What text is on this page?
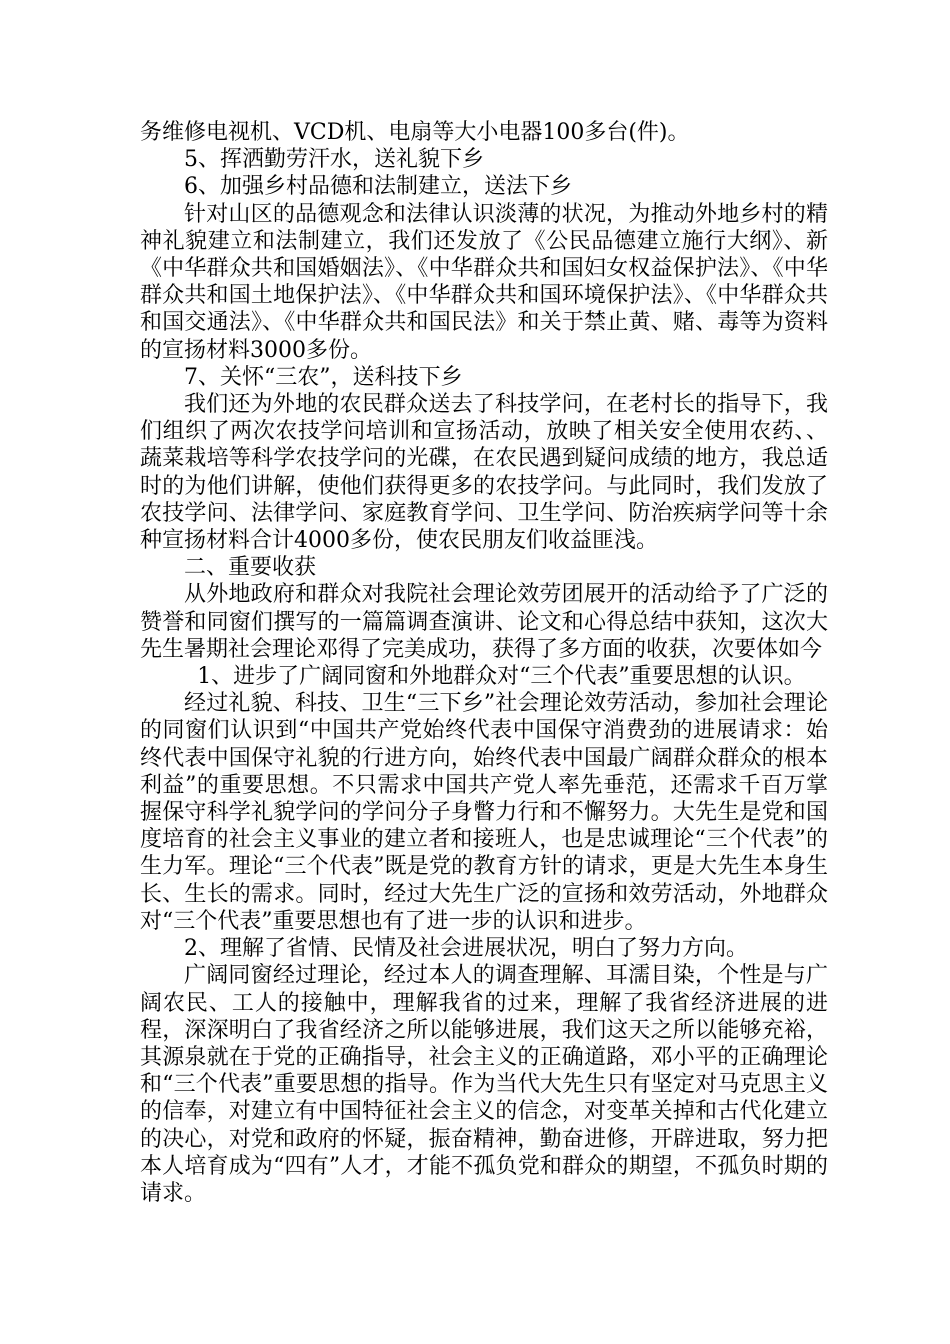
务维修电视机、VCD机、电扇等大小电器100多台(件)。

5、挥洒勤劳汗水，送礼貌下乡

6、加强乡村品德和法制建立，送法下乡

针对山区的品德观念和法律认识淡薄的状况，为推动外地乡村的精神礼貌建立和法制建立，我们还发放了《公民品德建立施行大纲》、新《中华群众共和国婚姻法》、《中华群众共和国妇女权益保护法》、《中华群众共和国土地保护法》、《中华群众共和国环境保护法》、《中华群众共和国交通法》、《中华群众共和国民法》和关于禁止黄、赌、毒等为资料的宣扬材料3000多份。

7、关怀“三农”，送科技下乡

我们还为外地的农民群众送去了科技学问，在老村长的指导下，我们组织了两次农技学问培训和宣扬活动，放映了相关安全使用农药、、蔬菜栽培等科学农技学问的光碟，在农民遇到疑问成绩的地方，我总适时的为他们讲解，使他们获得更多的农技学问。与此同时，我们发放了农技学问、法律学问、家庭教育学问、卫生学问、防治疾病学问等十余种宣扬材料合计4000多份，使农民朋友们收益匪浅。

二、重要收获

从外地政府和群众对我院社会理论效劳团展开的活动给予了广泛的赞誉和同窗们撰写的一篇篇调查演讲、论文和心得总结中获知，这次大先生暑期社会理论邓得了完美成功，获得了多方面的收获，次要体如今

1、进步了广阔同窗和外地群众对“三个代表”重要思想的认识。

经过礼貌、科技、卫生“三下乡”社会理论效劳活动，参加社会理论的同窗们认识到“中国共产党始终代表中国保守消费劲的进展请求：始终代表中国保守礼貌的行进方向，始终代表中国最广阔群众群众的根本利益”的重要思想。不只需求中国共产党人率先垂范，还需求千百万掌握保守科学礼貌学问的学问分子身瞥力行和不懈努力。大先生是党和国度培育的社会主义事业的建立者和接班人，也是忠诚理论“三个代表”的生力军。理论“三个代表”既是党的教育方针的请求，更是大先生本身生长、生长的需求。同时，经过大先生广泛的宣扬和效劳活动，外地群众对“三个代表”重要思想也有了进一步的认识和进步。

2、理解了省情、民情及社会进展状况，明白了努力方向。

广阔同窗经过理论，经过本人的调查理解、耳濡目染，个性是与广阔农民、工人的接触中，理解我省的过来，理解了我省经济进展的进程，深深明白了我省经济之所以能够进展，我们这天之所以能够充裕，其源泉就在于党的正确指导，社会主义的正确道路，邓小平的正确理论和“三个代表”重要思想的指导。作为当代大先生只有坚定对马克思主义的信奉，对建立有中国特征社会主义的信念，对变革关掉和古代化建立的决心，对党和政府的怀疑，振奋精神，勤奋进修，开辟进取，努力把本人培育成为“四有”人才，才能不孤负党和群众的期望，不孤负时期的请求。
